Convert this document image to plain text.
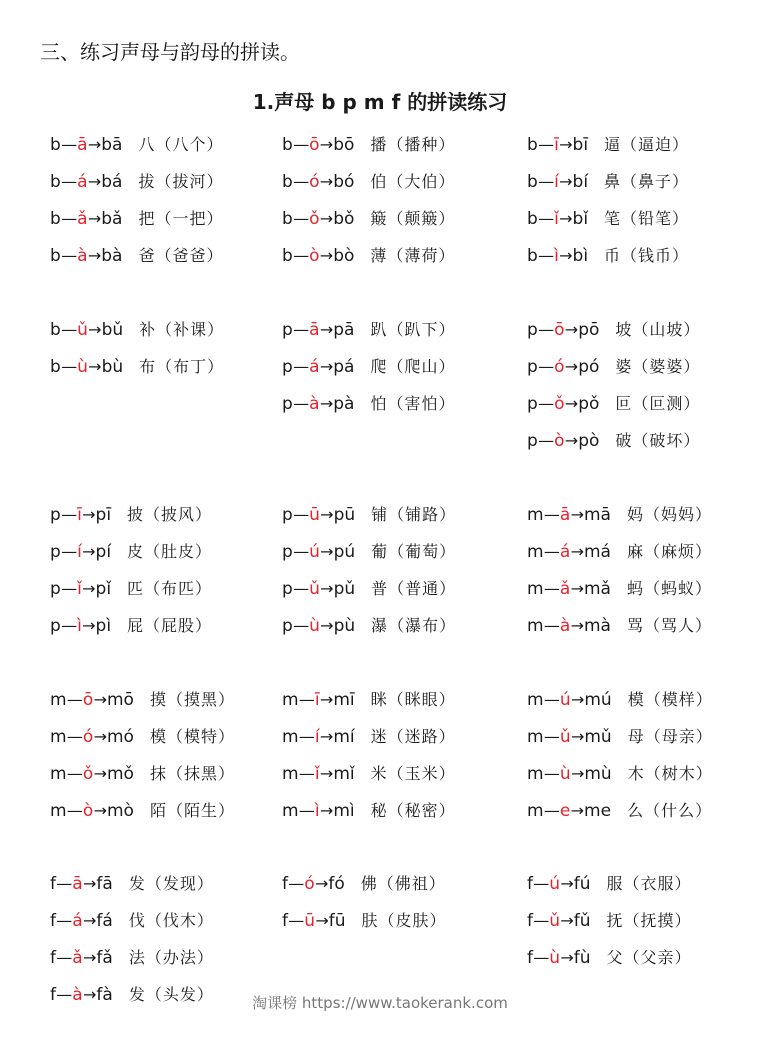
三、练习声母与韵母的拼读。
1.声母 b p m f 的拼读练习
b—ā→bā 八（八个）
b—á→bá 拔（拔河）
b—ǎ→bǎ 把（一把）
b—à→bà 爸（爸爸）
b—ō→bō 播（播种）
b—ó→bó 伯（大伯）
b—ǒ→bǒ 簸（颠簸）
b—ò→bò 薄（薄荷）
b—ī→bī 逼（逼迫）
b—í→bí 鼻（鼻子）
b—ǐ→bǐ 笔（铅笔）
b—ì→bì 币（钱币）
b—ǔ→bǔ 补（补课）
b—ù→bù 布（布丁）
p—ā→pā 趴（趴下）
p—á→pá 爬（爬山）
p—à→pà 怕（害怕）
p—ō→pō 坡（山坡）
p—ó→pó 婆（婆婆）
p—ǒ→pǒ 叵（叵测）
p—ò→pò 破（破坏）
p—ī→pī 披（披风）
p—í→pí 皮（肚皮）
p—ǐ→pǐ 匹（布匹）
p—ì→pì 屁（屁股）
p—ū→pū 铺（铺路）
p—ú→pú 葡（葡萄）
p—ǔ→pǔ 普（普通）
p—ù→pù 瀑（瀑布）
m—ā→mā 妈（妈妈）
m—á→má 麻（麻烦）
m—ǎ→mǎ 蚂（蚂蚁）
m—à→mà 骂（骂人）
m—ō→mō 摸（摸黑）
m—ó→mó 模（模特）
m—ǒ→mǒ 抹（抹黑）
m—ò→mò 陌（陌生）
m—ī→mī 眯（眯眼）
m—í→mí 迷（迷路）
m—ǐ→mǐ 米（玉米）
m—ì→mì 秘（秘密）
m—ú→mú 模（模样）
m—ǔ→mǔ 母（母亲）
m—ù→mù 木（树木）
m—e→me 么（什么）
f—ā→fā 发（发现）
f—á→fá 伐（伐木）
f—ǎ→fǎ 法（办法）
f—à→fà 发（头发）
f—ó→fó 佛（佛祖）
f—ū→fū 肤（皮肤）
f—ú→fú 服（衣服）
f—ǔ→fǔ 抚（抚摸）
f—ù→fù 父（父亲）
淘课榜 https://www.taokerank.com
